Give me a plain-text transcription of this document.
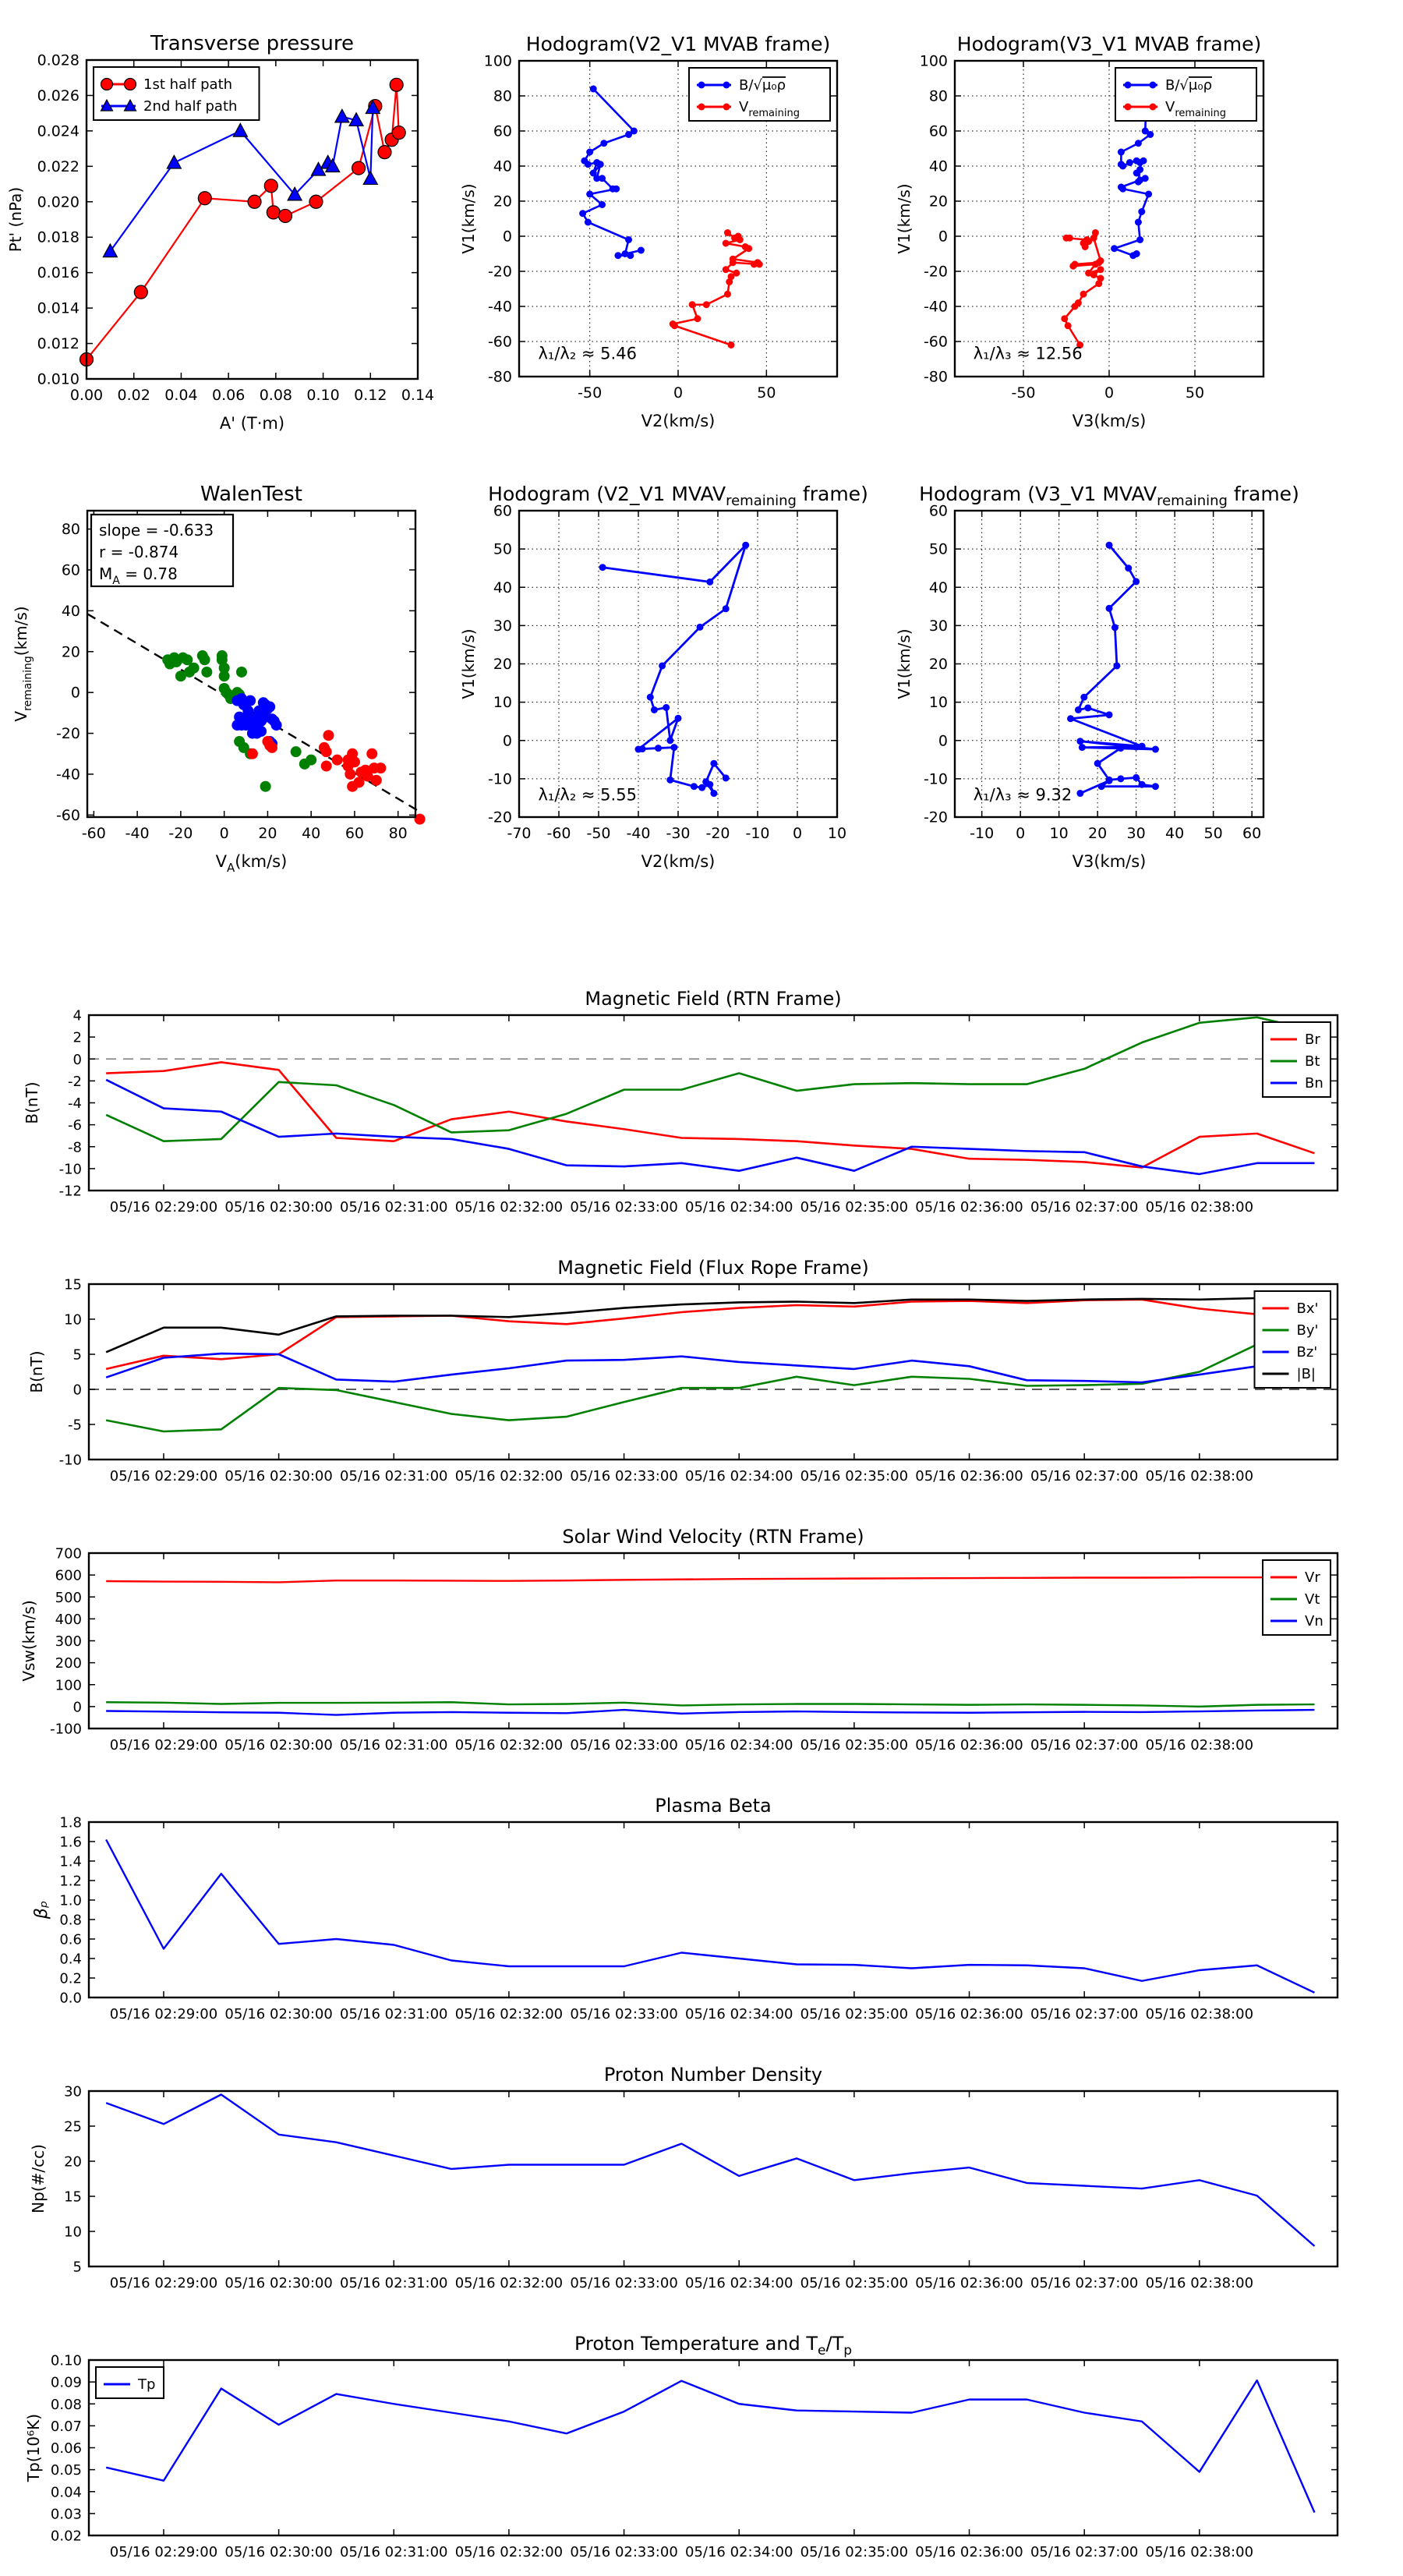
0.00 0.02 0.04 0.06 0.08 0.10 0.12 0.14
0.010
0.012
0.014
0.016
0.018
0.020
0.022
0.024
0.026
0.028
Transverse pressure
A' (T·m)
Pt' (nPa)
1st half path
2nd half path
-50	0	50
-80
-60
-40
-20
0
20
40
60
80
100
Hodogram(V2_V1 MVAB frame)
V2(km/s)
V1(km/s)
λ₁/λ₂ ≈ 5.46
B/√μ₀ρ
$V_{remaining}$
-50	0	50
-80
-60
-40
-20
0
20
40
60
80
100
Hodogram(V3_V1 MVAB frame)
V3(km/s)
V1(km/s)
λ₁/λ₃ ≈ 12.56
B/√μ₀ρ
$V_{remaining}$
-60 -40 -20 0 20 40 60 80
-60
-40
-20
0
20
40
60
80
WalenTest
$V_A(km/s)$
$V_{remaining}(km/s)$
slope = -0.633
r = -0.874
$M_A = 0.78$
-70 -60 -50 -40 -30 -20 -10 0 10
-20
-10
0
10
20
30
40
50
60
Hodogram (V2_V1 $MVAV_{remaining}$ frame)
V2(km/s)
V1(km/s)
λ₁/λ₂ ≈ 5.55
-10 0 10 20 30 40 50 60
-20
-10
0
10
20
30
40
50
60
Hodogram (V3_V1 $MVAV_{remaining}$ frame)
V3(km/s)
V1(km/s)
λ₁/λ₃ ≈ 9.32
05/16 02:29:00 05/16 02:30:00 05/16 02:31:00 05/16 02:32:00 05/16 02:33:00 05/16 02:34:00 05/16 02:35:00 05/16 02:36:00 05/16 02:37:00 05/16 02:38:00
-12
-10
-8
-6
-4
-2
0
2
4
Magnetic Field (RTN Frame)
B(nT)
Br
Bt
Bn
05/16 02:29:00 05/16 02:30:00 05/16 02:31:00 05/16 02:32:00 05/16 02:33:00 05/16 02:34:00 05/16 02:35:00 05/16 02:36:00 05/16 02:37:00 05/16 02:38:00
-10
-5
0
5
10
15
Magnetic Field (Flux Rope Frame)
B(nT)
Bx'
By'
Bz'
|B|
05/16 02:29:00 05/16 02:30:00 05/16 02:31:00 05/16 02:32:00 05/16 02:33:00 05/16 02:34:00 05/16 02:35:00 05/16 02:36:00 05/16 02:37:00 05/16 02:38:00
-100
0
100
200
300
400
500
600
700
Solar Wind Velocity (RTN Frame)
Vsw(km/s)
Vr
Vt
Vn
05/16 02:29:00 05/16 02:30:00 05/16 02:31:00 05/16 02:32:00 05/16 02:33:00 05/16 02:34:00 05/16 02:35:00 05/16 02:36:00 05/16 02:37:00 05/16 02:38:00
0.0
0.2
0.4
0.6
0.8
1.0
1.2
1.4
1.6
1.8
Plasma Beta
βₚ
05/16 02:29:00 05/16 02:30:00 05/16 02:31:00 05/16 02:32:00 05/16 02:33:00 05/16 02:34:00 05/16 02:35:00 05/16 02:36:00 05/16 02:37:00 05/16 02:38:00
5
10
15
20
25
30
Proton Number Density
Np(#/cc)
05/16 02:29:00 05/16 02:30:00 05/16 02:31:00 05/16 02:32:00 05/16 02:33:00 05/16 02:34:00 05/16 02:35:00 05/16 02:36:00 05/16 02:37:00 05/16 02:38:00
0.02
0.03
0.04
0.05
0.06
0.07
0.08
0.09
0.10
Proton Temperature and $T_e/T_p$
Tp(10⁶K)
Tp
